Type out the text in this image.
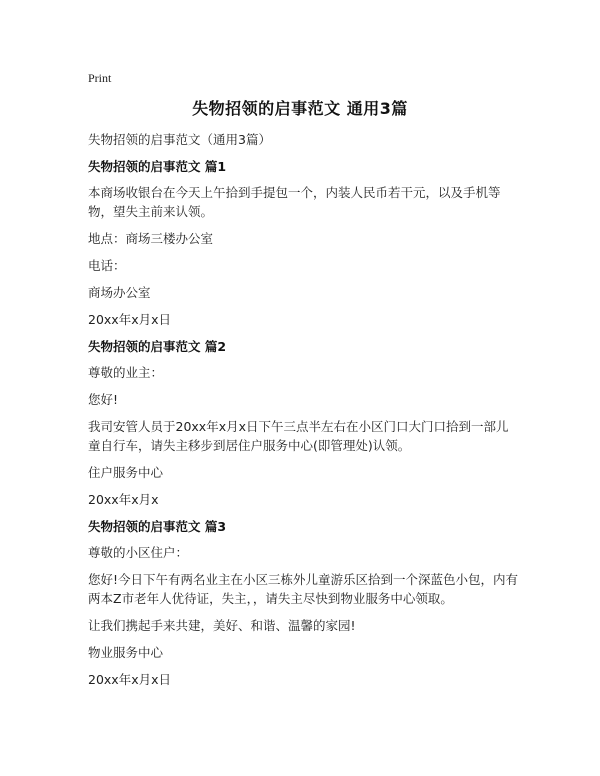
Print
失物招领的启事范文 通用3篇

失物招领的启事范文（通用3篇）

失物招领的启事范文 篇1

本商场收银台在今天上午拾到手提包一个，内装人民币若干元，以及手机等物，望失主前来认领。

地点：商场三楼办公室

电话：

商场办公室

20xx年x月x日

失物招领的启事范文 篇2

尊敬的业主：

您好!

我司安管人员于20xx年x月x日下午三点半左右在小区门口大门口拾到一部儿童自行车，请失主移步到居住户服务中心(即管理处)认领。

住户服务中心

20xx年x月x

失物招领的启事范文 篇3

尊敬的小区住户：

您好!今日下午有两名业主在小区三栋外儿童游乐区拾到一个深蓝色小包，内有两本Z市老年人优待证，失主，，请失主尽快到物业服务中心领取。

让我们携起手来共建，美好、和谐、温馨的家园!

物业服务中心

20xx年x月x日
